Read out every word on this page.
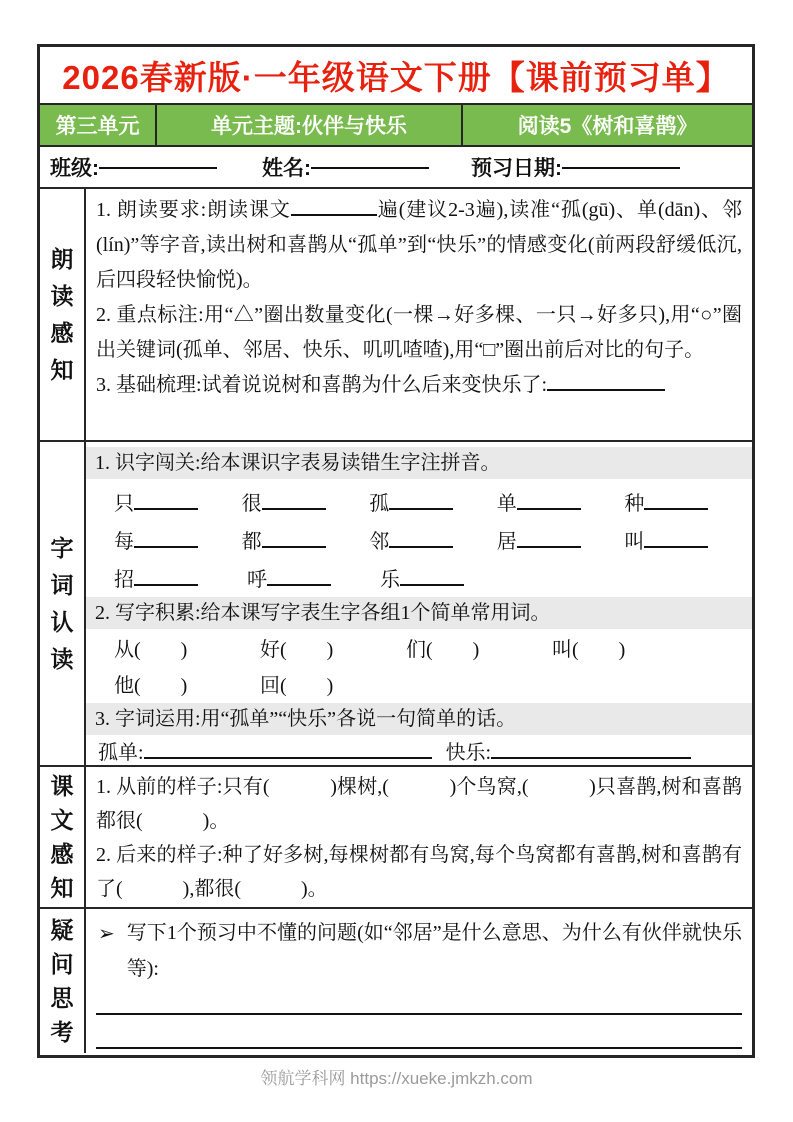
2026春新版·一年级语文下册【课前预习单】
第三单元	单元主题:伙伴与快乐	阅读5《树和喜鹊》
班级:	姓名:	预习日期:
朗读感知

1. 朗读要求:朗读课文	遍(建议2-3遍),读准“孤(gū)、单(dān)、邻(lín)”等字音,读出树和喜鹊从“孤单”到“快乐”的情感变化(前两段舒缓低沉,后四段轻快愉悦)。

2. 重点标注:用“△”圈出数量变化(一棵→好多棵、一只→好多只),用“○”圈出关键词(孤单、邻居、快乐、叽叽喳喳),用“□”圈出前后对比的句子。

3. 基础梳理:试着说说树和喜鹊为什么后来变快乐了:

字词认读
1. 识字闯关:给本课识字表易读错生字注拼音。
只	很	孤	单	种
每	都	邻	居	叫
招	呼	乐
2. 写字积累:给本课写字表生字各组1个简单常用词。
从(　　)	好(　　)	们(　　)	叫(　　)
他(　　)	回(　　)
3. 字词运用:用“孤单”“快乐”各说一句简单的话。
孤单:	快乐:
课文感知

1. 从前的样子:只有(　　　)棵树,(　　　)个鸟窝,(　　　)只喜鹊,树和喜鹊都很(　　　)。

2. 后来的样子:种了好多树,每棵树都有鸟窝,每个鸟窝都有喜鹊,树和喜鹊有了(　　　),都很(　　　)。

疑问思考
➢ 写下1个预习中不懂的问题(如“邻居”是什么意思、为什么有伙伴就快乐等):
领航学科网 https://xueke.jmkzh.com
